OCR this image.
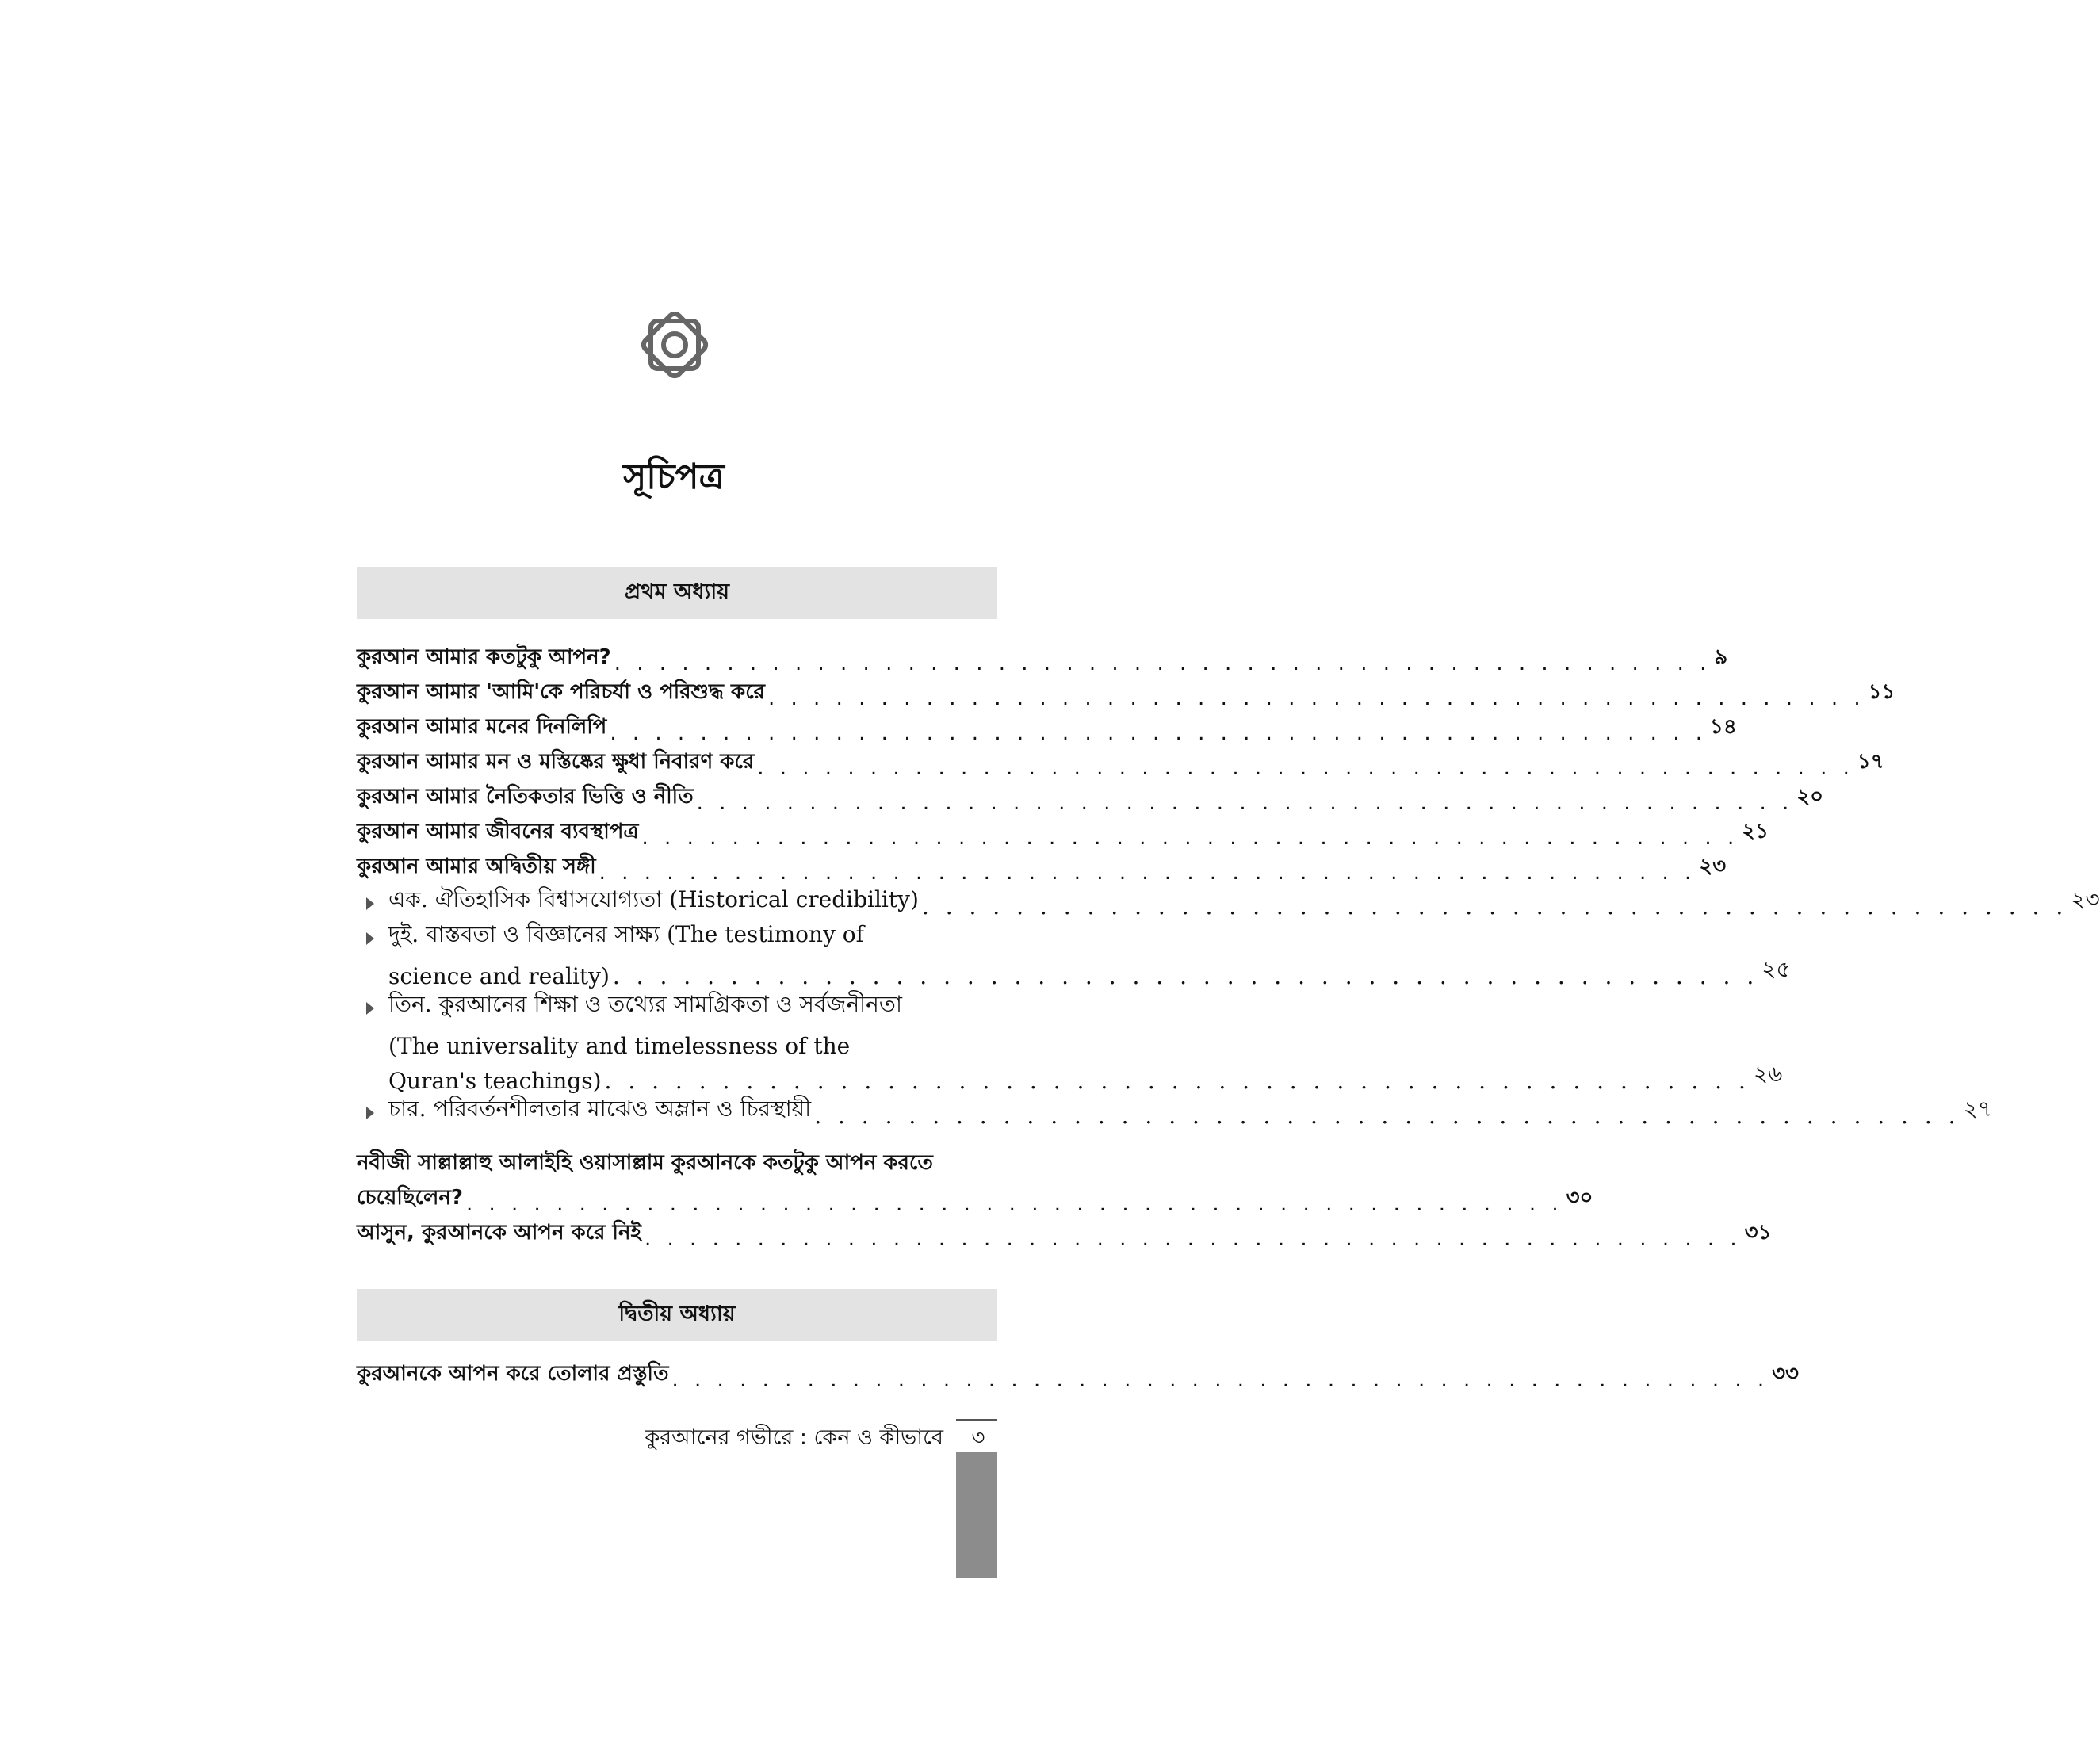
সূচিপত্র
প্রথম অধ্যায়
কুরআন আমার কতটুকু আপন? . . . . . . . . . . . . . . . . . . . . . . . . . . . . . . . . . . . . . . . . . . . . . . . . . ৯
কুরআন আমার 'আমি'কে পরিচর্যা ও পরিশুদ্ধ করে . . . . . . . . . . . . . . . . . . . . . . . . . . . . . . . . . . . . . . . . . . . . . . . . . ১১
কুরআন আমার মনের দিনলিপি . . . . . . . . . . . . . . . . . . . . . . . . . . . . . . . . . . . . . . . . . . . . . . . . . ১৪
কুরআন আমার মন ও মস্তিষ্কের ক্ষুধা নিবারণ করে . . . . . . . . . . . . . . . . . . . . . . . . . . . . . . . . . . . . . . . . . . . . . . . . . ১৭
কুরআন আমার নৈতিকতার ভিত্তি ও নীতি . . . . . . . . . . . . . . . . . . . . . . . . . . . . . . . . . . . . . . . . . . . . . . . . . ২০
কুরআন আমার জীবনের ব্যবস্থাপত্র . . . . . . . . . . . . . . . . . . . . . . . . . . . . . . . . . . . . . . . . . . . . . . . . . ২১
কুরআন আমার অদ্বিতীয় সঙ্গী . . . . . . . . . . . . . . . . . . . . . . . . . . . . . . . . . . . . . . . . . . . . . . . . . ২৩
এক. ঐতিহাসিক বিশ্বাসযোগ্যতা (Historical credibility) . . . . . . . . . . . . . . . . . . . . . . . . . . . . . . . . . . . . . . . . . . . . . . . . . ২৩
দুই. বাস্তবতা ও বিজ্ঞানের সাক্ষ্য (The testimony of
science and reality) . . . . . . . . . . . . . . . . . . . . . . . . . . . . . . . . . . . . . . . . . . . . . . . . . ২৫
তিন. কুরআনের শিক্ষা ও তথ্যের সামগ্রিকতা ও সর্বজনীনতা
(The universality and timelessness of the
Quran's teachings) . . . . . . . . . . . . . . . . . . . . . . . . . . . . . . . . . . . . . . . . . . . . . . . . . ২৬
চার. পরিবর্তনশীলতার মাঝেও অম্লান ও চিরস্থায়ী . . . . . . . . . . . . . . . . . . . . . . . . . . . . . . . . . . . . . . . . . . . . . . . . . ২৭
নবীজী সাল্লাল্লাহু আলাইহি ওয়াসাল্লাম কুরআনকে কতটুকু আপন করতে
চেয়েছিলেন? . . . . . . . . . . . . . . . . . . . . . . . . . . . . . . . . . . . . . . . . . . . . . . . . . ৩০
আসুন, কুরআনকে আপন করে নিই . . . . . . . . . . . . . . . . . . . . . . . . . . . . . . . . . . . . . . . . . . . . . . . . . ৩১
দ্বিতীয় অধ্যায়
কুরআনকে আপন করে তোলার প্রস্তুতি . . . . . . . . . . . . . . . . . . . . . . . . . . . . . . . . . . . . . . . . . . . . . . . . . ৩৩
কুরআনের গভীরে : কেন ও কীভাবে	৩
